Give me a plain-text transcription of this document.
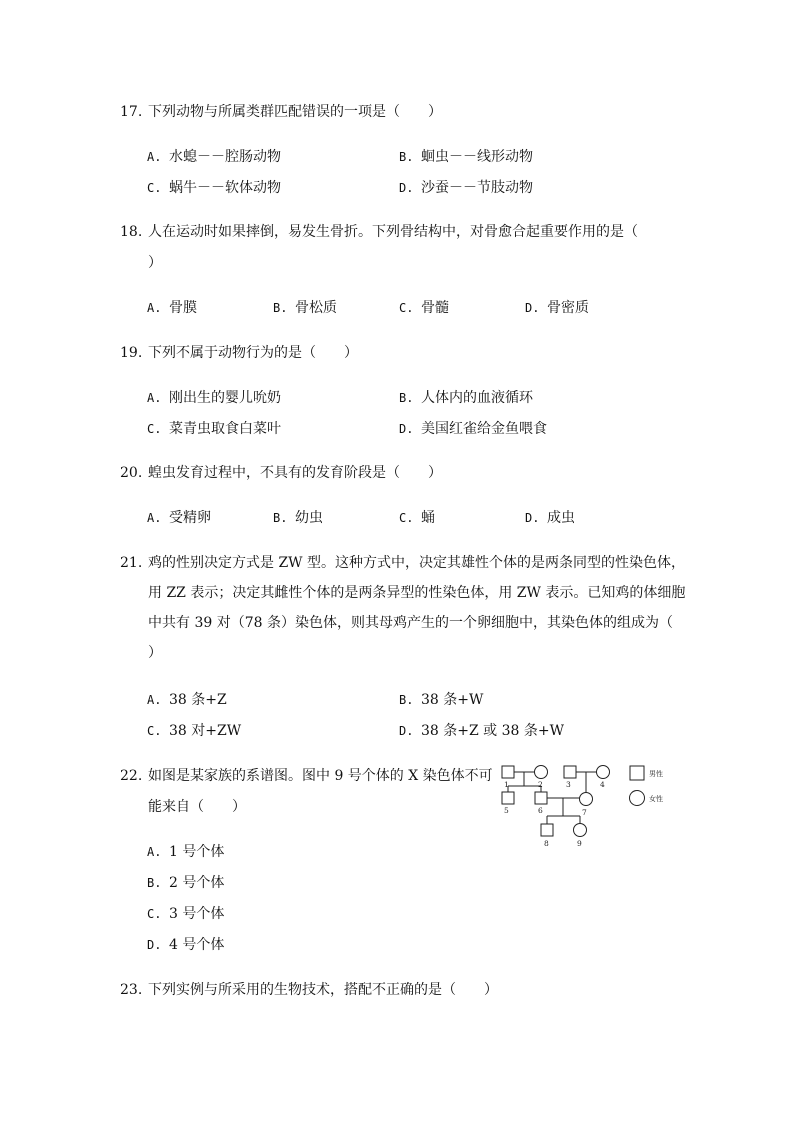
17. 下列动物与所属类群匹配错误的一项是（　　）
A. 水螅－－腔肠动物	B. 蛔虫－－线形动物
C. 蜗牛－－软体动物	D. 沙蚕－－节肢动物
18. 人在运动时如果摔倒，易发生骨折。下列骨结构中，对骨愈合起重要作用的是（
）
A. 骨膜	B. 骨松质	C. 骨髓	D. 骨密质
19. 下列不属于动物行为的是（　　）
A. 刚出生的婴儿吮奶	B. 人体内的血液循环
C. 菜青虫取食白菜叶	D. 美国红雀给金鱼喂食
20. 蝗虫发育过程中，不具有的发育阶段是（　　）
A. 受精卵	B. 幼虫	C. 蛹	D. 成虫
21. 鸡的性别决定方式是 ZW 型。这种方式中，决定其雄性个体的是两条同型的性染色体，
用 ZZ 表示；决定其雌性个体的是两条异型的性染色体，用 ZW 表示。已知鸡的体细胞
中共有 39 对（78 条）染色体，则其母鸡产生的一个卵细胞中，其染色体的组成为（
）
A. 38 条+Z	B. 38 条+W
C. 38 对+ZW	D. 38 条+Z 或 38 条+W
22. 如图是某家族的系谱图。图中 9 号个体的 X 染色体不可
能来自（　　）
A. 1 号个体
B. 2 号个体
C. 3 号个体
D. 4 号个体
1	2	3	4
5	6	7
8	9
男性
女性
23. 下列实例与所采用的生物技术，搭配不正确的是（　　）
